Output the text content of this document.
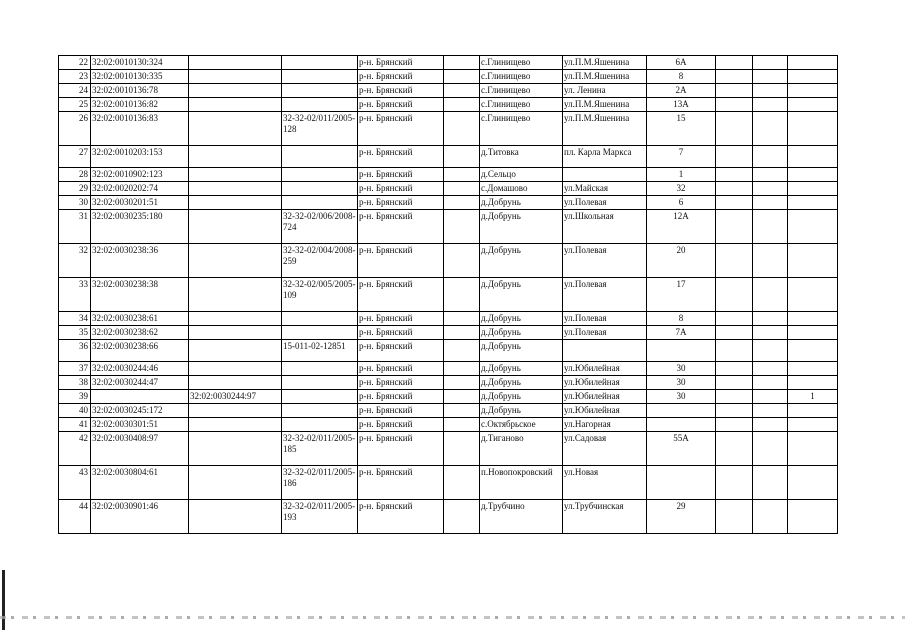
22	32:02:0010130:324			р-н. Брянский		с.Глинищево	ул.П.М.Яшенина	6А			
23	32:02:0010130:335			р-н. Брянский		с.Глинищево	ул.П.М.Яшенина	8			
24	32:02:0010136:78			р-н. Брянский		с.Глинищево	ул. Ленина	2А			
25	32:02:0010136:82			р-н. Брянский		с.Глинищево	ул.П.М.Яшенина	13А			
26	32:02:0010136:83		32-32-02/011/2005-128	р-н. Брянский		с.Глинищево	ул.П.М.Яшенина	15			
27	32:02:0010203:153			р-н. Брянский		д.Титовка	пл. Карла Маркса	7			
28	32:02:0010902:123			р-н. Брянский		д.Сельцо		1			
29	32:02:0020202:74			р-н. Брянский		с.Домашово	ул.Майская	32			
30	32:02:0030201:51			р-н. Брянский		д.Добрунь	ул.Полевая	6			
31	32:02:0030235:180		32-32-02/006/2008-724	р-н. Брянский		д.Добрунь	ул.Школьная	12А			
32	32:02:0030238:36		32-32-02/004/2008-259	р-н. Брянский		д.Добрунь	ул.Полевая	20			
33	32:02:0030238:38		32-32-02/005/2005-109	р-н. Брянский		д.Добрунь	ул.Полевая	17			
34	32:02:0030238:61			р-н. Брянский		д.Добрунь	ул.Полевая	8			
35	32:02:0030238:62			р-н. Брянский		д.Добрунь	ул.Полевая	7А			
36	32:02:0030238:66		15-011-02-12851	р-н. Брянский		д.Добрунь					
37	32:02:0030244:46			р-н. Брянский		д.Добрунь	ул.Юбилейная	30			
38	32:02:0030244:47			р-н. Брянский		д.Добрунь	ул.Юбилейная	30			
39		32:02:0030244:97		р-н. Брянский		д.Добрунь	ул.Юбилейная	30			1
40	32:02:0030245:172			р-н. Брянский		д.Добрунь	ул.Юбилейная				
41	32:02:0030301:51			р-н. Брянский		с.Октябрьское	ул.Нагорная				
42	32:02:0030408:97		32-32-02/011/2005-185	р-н. Брянский		д.Тиганово	ул.Садовая	55А			
43	32:02:0030804:61		32-32-02/011/2005-186	р-н. Брянский		п.Новопокровский	ул.Новая				
44	32:02:0030901:46		32-32-02/011/2005-193	р-н. Брянский		д.Трубчино	ул.Трубчинская	29			
